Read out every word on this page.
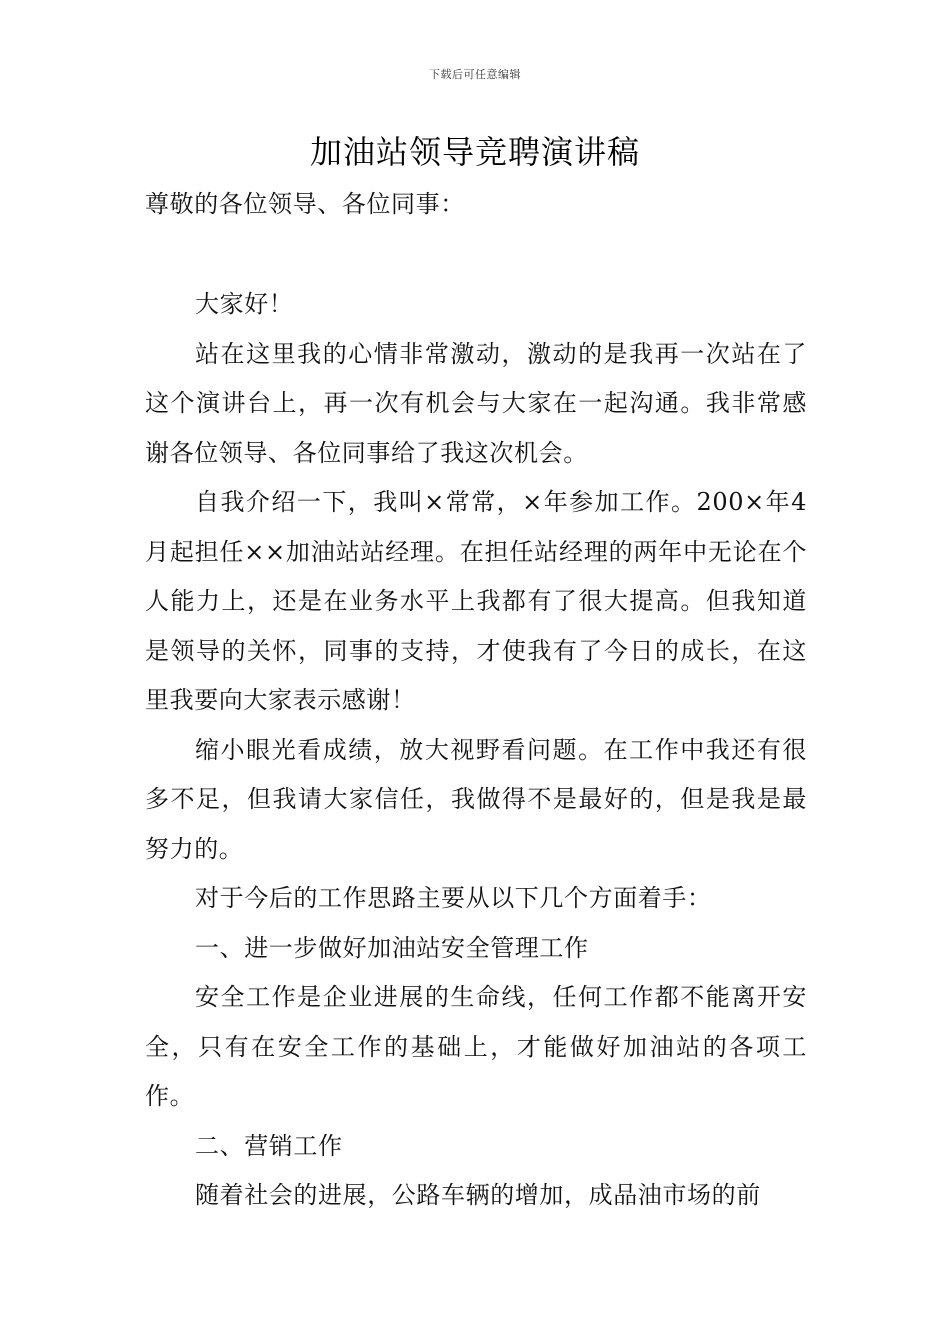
下载后可任意编辑
加油站领导竞聘演讲稿
尊敬的各位领导、各位同事：

大家好！

站在这里我的心情非常激动，激动的是我再一次站在了这个演讲台上，再一次有机会与大家在一起沟通。我非常感谢各位领导、各位同事给了我这次机会。

自我介绍一下，我叫×常常，×年参加工作。200×年4月起担任××加油站站经理。在担任站经理的两年中无论在个人能力上，还是在业务水平上我都有了很大提高。但我知道是领导的关怀，同事的支持，才使我有了今日的成长，在这里我要向大家表示感谢！

缩小眼光看成绩，放大视野看问题。在工作中我还有很多不足，但我请大家信任，我做得不是最好的，但是我是最努力的。

对于今后的工作思路主要从以下几个方面着手：

一、进一步做好加油站安全管理工作

安全工作是企业进展的生命线，任何工作都不能离开安全，只有在安全工作的基础上，才能做好加油站的各项工作。

二、营销工作

随着社会的进展，公路车辆的增加，成品油市场的前
